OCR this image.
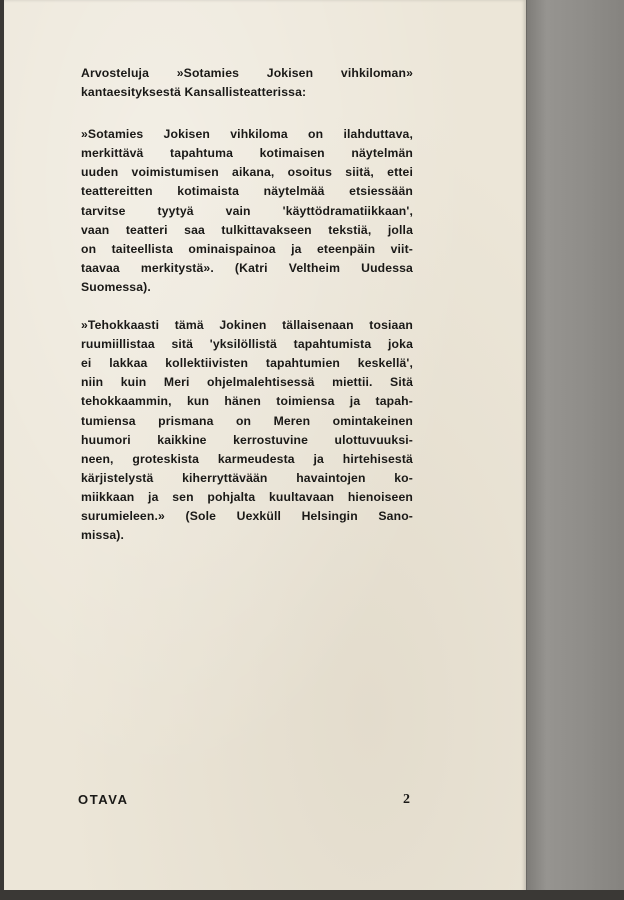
Arvosteluja »Sotamies Jokisen vihkiloman»
kantaesityksestä Kansallisteatterissa:

»Sotamies Jokisen vihkiloma on ilahduttava,
merkittävä tapahtuma kotimaisen näytelmän
uuden voimistumisen aikana, osoitus siitä, ettei
teattereitten kotimaista näytelmää etsiessään
tarvitse tyytyä vain 'käyttödramatiikkaan',
vaan teatteri saa tulkittavakseen tekstiä, jolla
on taiteellista ominaispainoa ja eteenpäin viit-
taavaa merkitystä». (Katri Veltheim Uudessa
Suomessa).

»Tehokkaasti tämä Jokinen tällaisenaan tosiaan
ruumiillistaa sitä 'yksilöllistä tapahtumista joka
ei lakkaa kollektiivisten tapahtumien keskellä',
niin kuin Meri ohjelmalehtisessä miettii. Sitä
tehokkaammin, kun hänen toimiensa ja tapah-
tumiensa prismana on Meren omintakeinen
huumori kaikkine kerrostuvine ulottuvuuksi-
neen, groteskista karmeudesta ja hirtehisestä
kärjistelystä kiherryttävään havaintojen ko-
miikkaan ja sen pohjalta kuultavaan hienoiseen
surumieleen.» (Sole Uexküll Helsingin Sano-
missa).

OTAVA	2
